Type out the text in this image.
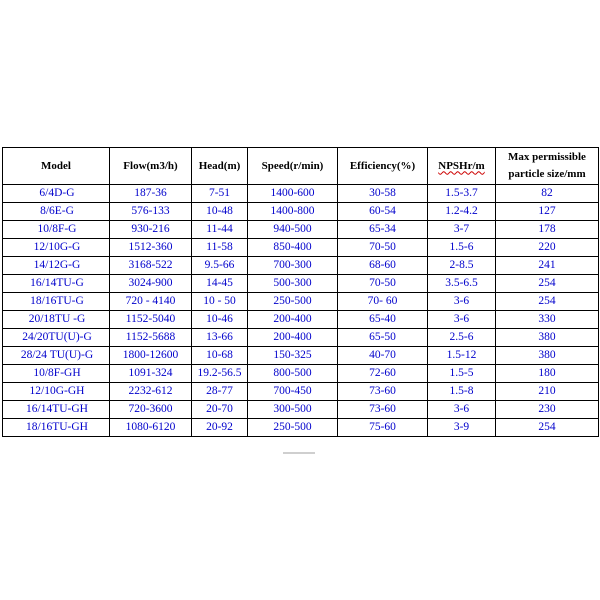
Model	Flow(m3/h)	Head(m)	Speed(r/min)	Efficiency(%)	NPSHr/m	Max permissible
particle size/mm

6/4D-G	187-36	7-51	1400-600	30-58	1.5-3.7	82
8/6E-G	576-133	10-48	1400-800	60-54	1.2-4.2	127
10/8F-G	930-216	11-44	940-500	65-34	3-7	178
12/10G-G	1512-360	11-58	850-400	70-50	1.5-6	220
14/12G-G	3168-522	9.5-66	700-300	68-60	2-8.5	241
16/14TU-G	3024-900	14-45	500-300	70-50	3.5-6.5	254
18/16TU-G	720 - 4140	10 - 50	250-500	70- 60	3-6	254
20/18TU -G	1152-5040	10-46	200-400	65-40	3-6	330
24/20TU(U)-G	1152-5688	13-66	200-400	65-50	2.5-6	380
28/24 TU(U)-G	1800-12600	10-68	150-325	40-70	1.5-12	380
10/8F-GH	1091-324	19.2-56.5	800-500	72-60	1.5-5	180
12/10G-GH	2232-612	28-77	700-450	73-60	1.5-8	210
16/14TU-GH	720-3600	20-70	300-500	73-60	3-6	230
18/16TU-GH	1080-6120	20-92	250-500	75-60	3-9	254
